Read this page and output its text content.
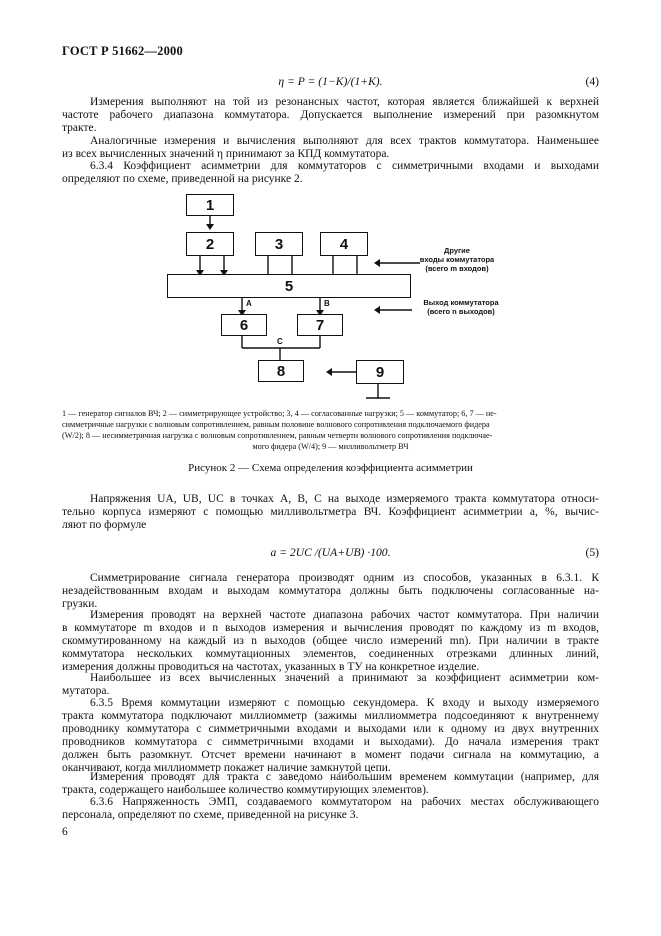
ГОСТ Р 51662—2000
η = P = (1−K)/(1+K).	(4)
Измерения выполняют на той из резонансных частот, которая является ближайшей к верхней
частоте рабочего диапазона коммутатора. Допускается выполнение измерений при разомкнутом
тракте.
Аналогичные измерения и вычисления выполняют для всех трактов коммутатора. Наименьшее
из всех вычисленных значений η принимают за КПД коммутатора.
6.3.4 Коэффициент асимметрии для коммутаторов с симметричными входами и выходами
определяют по схеме, приведенной на рисунке 2.
1
2	3	4
5
6	7
8	9
A	B
C
Другие
входы коммутатора
(всего m входов)
Выход коммутатора
(всего n выходов)
1 — генератор сигналов ВЧ; 2 — симметрирующее устройство; 3, 4 — согласованные нагрузки; 5 — коммутатор; 6, 7 — не-
симметричные нагрузки с волновым сопротивлением, равным половине волнового сопротивления подключаемого фидера
(W/2); 8 — несимметричная нагрузка с волновым сопротивлением, равным четверти волнового сопротивления подключае-
мого фидера (W/4); 9 — милливольтметр ВЧ
Рисунок 2 — Схема определения коэффициента асимметрии
Напряжения UA, UB, UC в точках A, B, C на выходе измеряемого тракта коммутатора относи-
тельно корпуса измеряют с помощью милливольтметра ВЧ. Коэффициент асимметрии a, %, вычис-
ляют по формуле
a = 2UC /(UA+UB) ·100.	(5)
Симметрирование сигнала генератора производят одним из способов, указанных в 6.3.1. К
незадействованным входам и выходам коммутатора должны быть подключены согласованные на-
грузки.
Измерения проводят на верхней частоте диапазона рабочих частот коммутатора. При наличии
в коммутаторе m входов и n выходов измерения и вычисления проводят по каждому из m входов,
скоммутированному на каждый из n выходов (общее число измерений mn). При наличии в тракте
коммутатора нескольких коммутационных элементов, соединенных отрезками длинных линий,
измерения должны проводиться на частотах, указанных в ТУ на конкретное изделие.
Наибольшее из всех вычисленных значений a принимают за коэффициент асимметрии ком-
мутатора.
6.3.5 Время коммутации измеряют с помощью секундомера. К входу и выходу измеряемого
тракта коммутатора подключают миллиомметр (зажимы миллиомметра подсоединяют к внутреннему
проводнику коммутатора с симметричными входами и выходами или к одному из двух внутренних
проводников коммутатора с симметричными входами и выходами). До начала измерения тракт
должен быть разомкнут. Отсчет времени начинают в момент подачи сигнала на коммутацию, а
оканчивают, когда миллиомметр покажет наличие замкнутой цепи.
Измерения проводят для тракта с заведомо наибольшим временем коммутации (например, для
тракта, содержащего наибольшее количество коммутирующих элементов).
6.3.6 Напряженность ЭМП, создаваемого коммутатором на рабочих местах обслуживающего
персонала, определяют по схеме, приведенной на рисунке 3.
6
